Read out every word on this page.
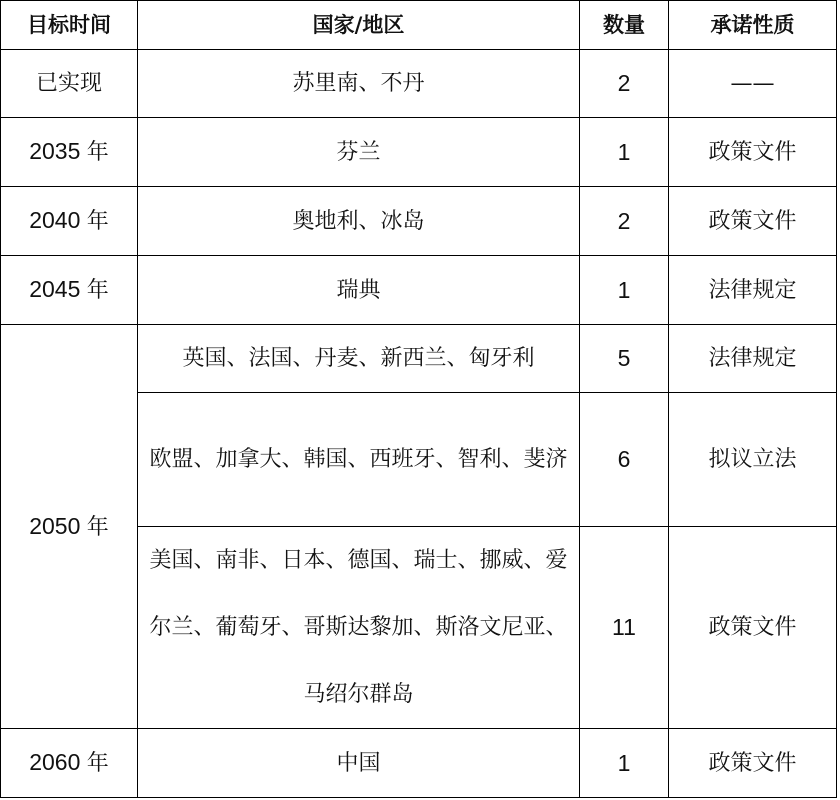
目标时间	国家/地区	数量	承诺性质
已实现	苏里南、不丹	2	——
2035 年	芬兰	1	政策文件
2040 年	奥地利、冰岛	2	政策文件
2045 年	瑞典	1	法律规定
2050 年	英国、法国、丹麦、新西兰、匈牙利	5	法律规定
	欧盟、加拿大、韩国、西班牙、智利、斐济	6	拟议立法
	美国、南非、日本、德国、瑞士、挪威、爱尔兰、葡萄牙、哥斯达黎加、斯洛文尼亚、马绍尔群岛	11	政策文件
2060 年	中国	1	政策文件
